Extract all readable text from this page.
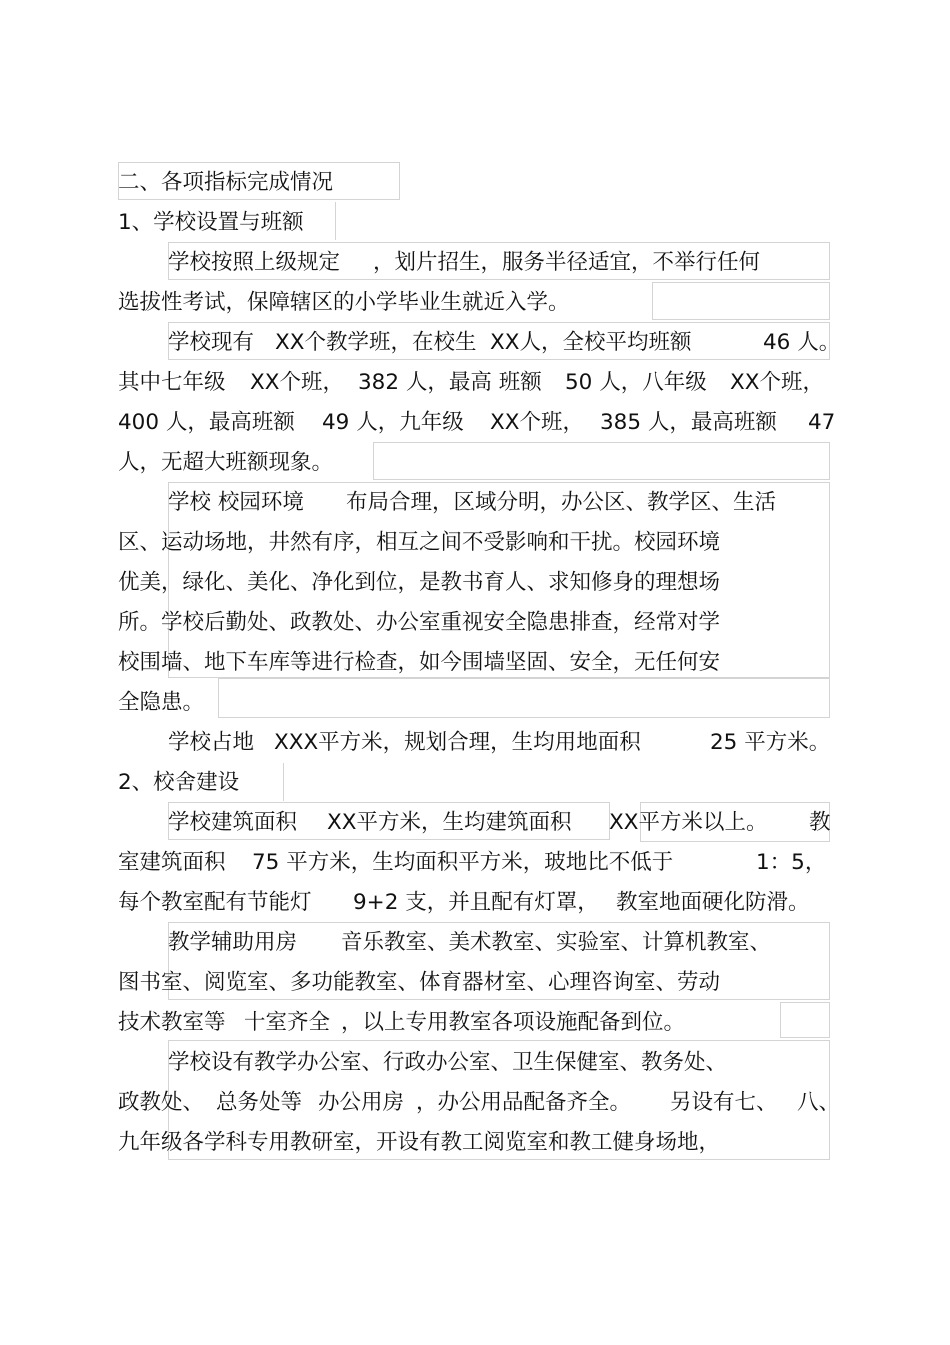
二、各项指标完成情况
1、学校设置与班额
学校按照上级规定 ，划片招生，服务半径适宜，不举行任何
选拔性考试，保障辖区的小学毕业生就近入学。
学校现有 XX个教学班，在校生 XX人，全校平均班额	46 人。
其中七年级 XX个班， 382 人，最高 班额 50 人，八年级 XX个班，
400 人，最高班额 49 人，九年级 XX个班， 385 人，最高班额 47
人，无超大班额现象。
学校 校园环境 布局合理，区域分明，办公区、教学区、生活
区、运动场地，井然有序，相互之间不受影响和干扰。校园环境
优美，绿化、美化、净化到位，是教书育人、求知修身的理想场
所。学校后勤处、政教处、办公室重视安全隐患排查，经常对学
校围墙、地下车库等进行检查，如今围墙坚固、安全，无任何安
全隐患。
学校占地 XXX平方米，规划合理，生均用地面积	25 平方米。
2、校舍建设
学校建筑面积 XX平方米，生均建筑面积 XX平方米以上。 教
室建筑面积 75 平方米，生均面积平方米，玻地比不低于	1：5，
每个教室配有节能灯 9+2 支，并且配有灯罩， 教室地面硬化防滑。
教学辅助用房 音乐教室、美术教室、实验室、计算机教室、
图书室、阅览室、多功能教室、体育器材室、心理咨询室、劳动
技术教室等 十室齐全 ，以上专用教室各项设施配备到位。
学校设有教学办公室、行政办公室、卫生保健室、教务处、
政教处、 总务处等 办公用房 ，办公用品配备齐全。 另设有七、 八、
九年级各学科专用教研室，开设有教工阅览室和教工健身场地，
